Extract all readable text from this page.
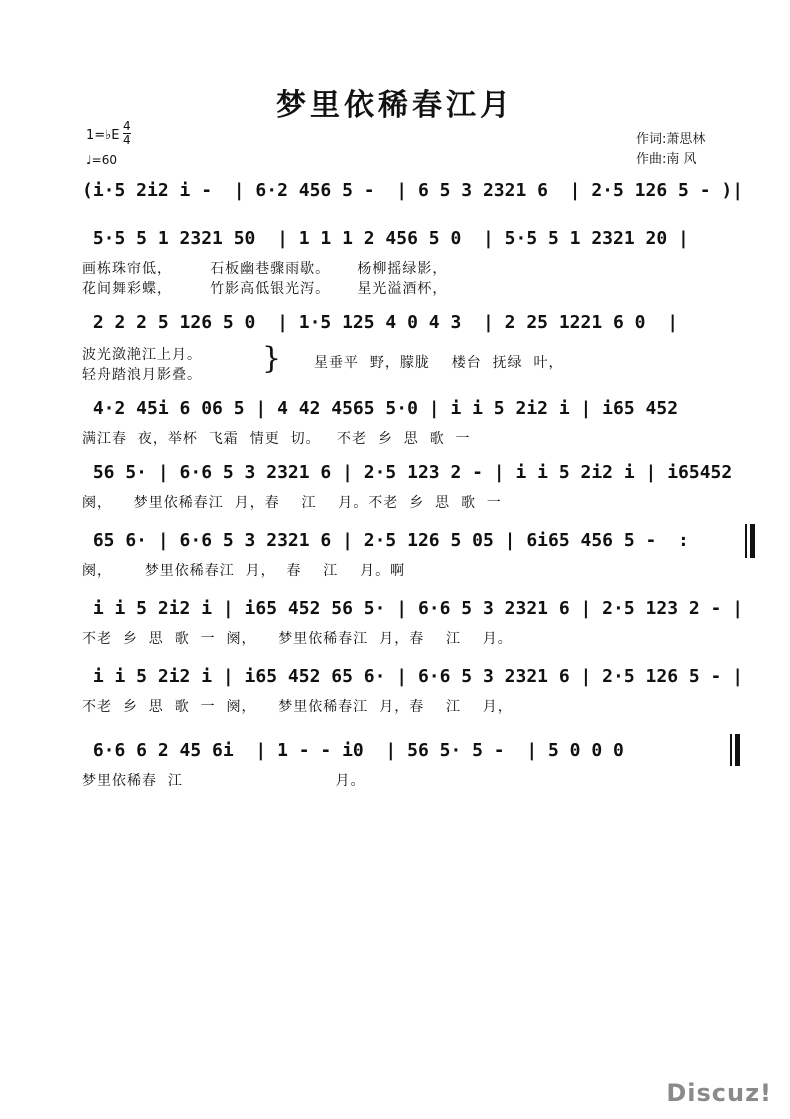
梦里依稀春江月
1=♭E
4
4
♩=60
作词:萧思林
作曲:南 风
(i·5 2i2 i -  | 6·2 456 5 -  | 6 5 3 2321 6  | 2·5 126 5 - )|
5·5 5 1 2321 50  | 1 1 1 2 456 5 0  | 5·5 5 1 2321 20 |
画栋珠帘低，       石板幽巷骤雨歇。     杨柳摇绿影，
花间舞彩蝶，       竹影高低银光泻。     星光溢酒杯，
2 2 2 5 126 5 0  | 1·5 125 4 0 4 3  | 2 25 1221 6 0  |
波光潋滟江上月。
轻舟踏浪月影叠。 } 星垂平  野，朦胧    楼台  抚绿  叶，
4·2 45i 6 06 5 | 4 42 4565 5·0 | i i 5 2i2 i | i65 452
满江春  夜，举杯  飞霜  情更  切。   不老  乡  思  歌  一
56 5· | 6·6 5 3 2321 6 | 2·5 123 2 - | i i 5 2i2 i | i65452
阕，    梦里依稀春江  月，春    江    月。不老  乡  思  歌  一
65 6· | 6·6 5 3 2321 6 | 2·5 126 5 05 | 6i65 456 5 -  :
阕，      梦里依稀春江  月，  春    江    月。啊
i i 5 2i2 i | i65 452 56 5· | 6·6 5 3 2321 6 | 2·5 123 2 - |
不老  乡  思  歌  一  阕，    梦里依稀春江  月，春    江    月。
i i 5 2i2 i | i65 452 65 6· | 6·6 5 3 2321 6 | 2·5 126 5 - |
不老  乡  思  歌  一  阕，    梦里依稀春江  月，春    江    月，
6·6 6 2 45 6i  | 1 - - i0  | 56 5· 5 -  | 5 0 0 0
梦里依稀春  江                            月。
Discuz!
